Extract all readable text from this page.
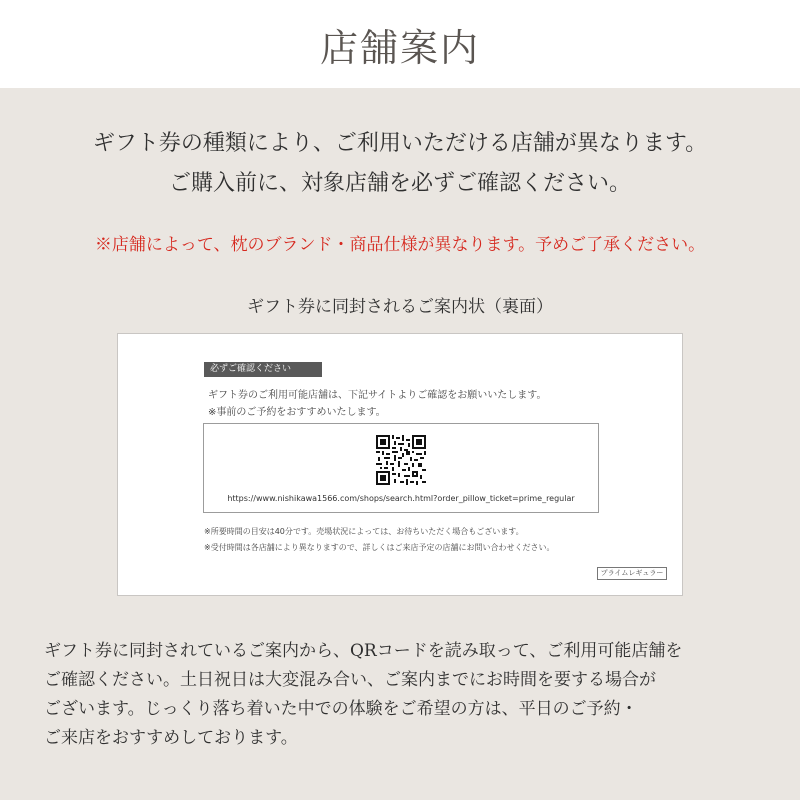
店舗案内
ギフト券の種類により、ご利用いただける店舗が異なります。
ご購入前に、対象店舗を必ずご確認ください。
※店舗によって、枕のブランド・商品仕様が異なります。予めご了承ください。
ギフト券に同封されるご案内状（裏面）
必ずご確認ください
ギフト券のご利用可能店舗は、下記サイトよりご確認をお願いいたします。
※事前のご予約をおすすめいたします。
https://www.nishikawa1566.com/shops/search.html?order_pillow_ticket=prime_regular
※所要時間の目安は40分です。売場状況によっては、お待ちいただく場合もございます。
※受付時間は各店舗により異なりますので、詳しくはご来店予定の店舗にお問い合わせください。
プライムレギュラー
ギフト券に同封されているご案内から、QRコードを読み取って、ご利用可能店舗を
ご確認ください。土日祝日は大変混み合い、ご案内までにお時間を要する場合が
ございます。じっくり落ち着いた中での体験をご希望の方は、平日のご予約・
ご来店をおすすめしております。
